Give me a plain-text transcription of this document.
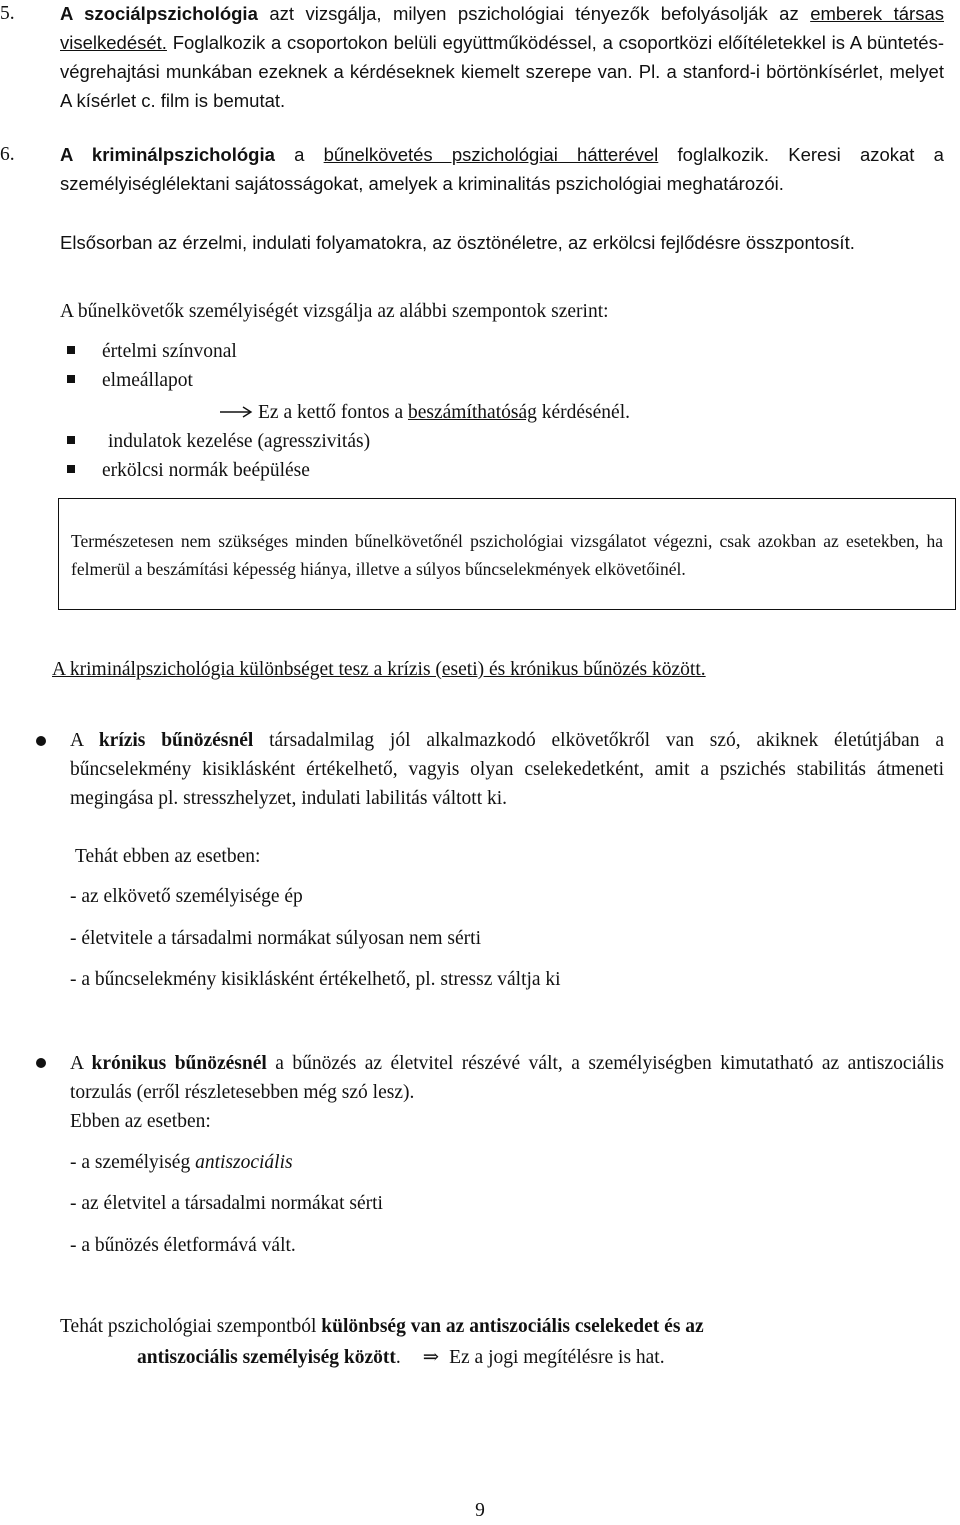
5. A szociálpszichológia azt vizsgálja, milyen pszichológiai tényezők befolyásolják az emberek társas viselkedését. Foglalkozik a csoportokon belüli együttműködéssel, a csoportközi előítéletekkel is A büntetés-végrehajtási munkában ezeknek a kérdéseknek kiemelt szerepe van. Pl. a stanford-i börtönkísérlet, melyet A kísérlet c. film is bemutat.
6. A kriminálpszichológia a bűnelkövetés pszichológiai hátterével foglalkozik. Keresi azokat a személyiséglélektani sajátosságokat, amelyek a kriminalitás pszichológiai meghatározói.
Elsősorban az érzelmi, indulati folyamatokra, az ösztönéletre, az erkölcsi fejlődésre összpontosít.
A bűnelkövetők személyiségét vizsgálja az alábbi szempontok szerint:
értelmi színvonal
elmeállapot
Ez a kettő fontos a beszámíthatóság kérdésénél.
indulatok kezelése (agresszivitás)
erkölcsi normák beépülése
Természetesen nem szükséges minden bűnelkövetőnél pszichológiai vizsgálatot végezni, csak azokban az esetekben, ha felmerül a beszámítási képesség hiánya, illetve a súlyos bűncselekmények elkövetőinél.
A kriminálpszichológia különbséget tesz a krízis (eseti) és krónikus bűnözés között.
A krízis bűnözésnél társadalmilag jól alkalmazkodó elkövetőkről van szó, akiknek életútjában a bűncselekmény kisiklásként értékelhető, vagyis olyan cselekedetként, amit a pszichés stabilitás átmeneti megingása pl. stresszhelyzet, indulati labilitás váltott ki.
Tehát ebben az esetben:
- az elkövető személyisége ép
- életvitele a társadalmi normákat súlyosan nem sérti
- a bűncselekmény kisiklásként értékelhető, pl. stressz váltja ki
A krónikus bűnözésnél a bűnözés az életvitel részévé vált, a személyiségben kimutatható az antiszociális torzulás (erről részletesebben még szó lesz).
Ebben az esetben:
- a személyiség antiszociális
- az életvitel a társadalmi normákat sérti
- a bűnözés életformává vált.
Tehát pszichológiai szempontból különbség van az antiszociális cselekedet és az
antiszociális személyiség között. ⇒ Ez a jogi megítélésre is hat.
9
